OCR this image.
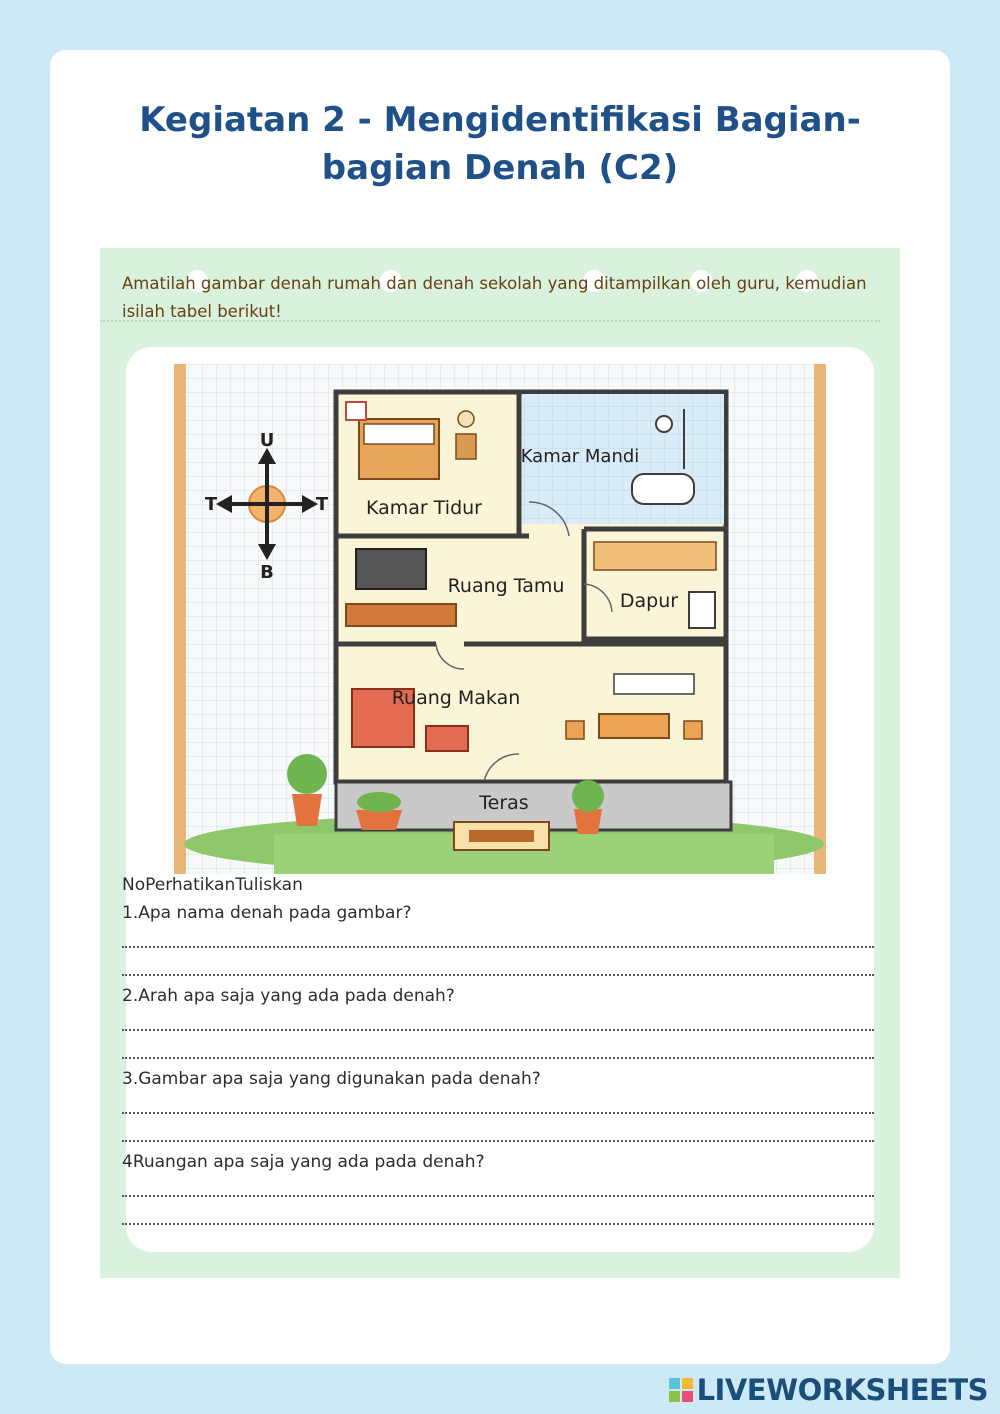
Kegiatan 2 - Mengidentifikasi Bagian-bagian Denah (C2)
Amatilah gambar denah rumah dan denah sekolah yang ditampilkan oleh guru, kemudian isilah tabel berikut!
U
T	T
B
Kamar Tidur
Kamar Mandi
Ruang Tamu
Dapur
Ruang Makan
Teras
NoPerhatikanTuliskan
1.Apa nama denah pada gambar?
2.Arah apa saja yang ada pada denah?
3.Gambar apa saja yang digunakan pada denah?
4Ruangan apa saja yang ada pada denah?
LIVEWORKSHEETS
